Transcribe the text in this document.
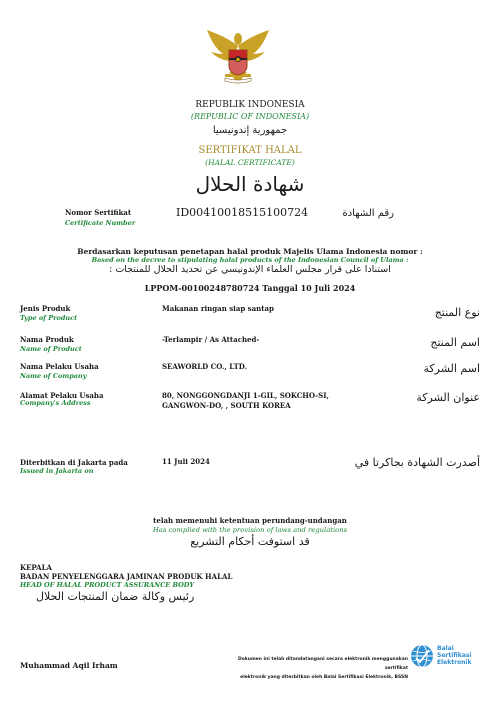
REPUBLIK INDONESIA
(REPUBLIC OF INDONESIA)
جمهورية إندونيسيا
SERTIFIKAT HALAL
(HALAL CERTIFICATE)
شهادة الحلال
Nomor Sertifikat
Certificate Number
ID00410018515100724	رقم الشهادة
Berdasarkan keputusan penetapan halal produk Majelis Ulama Indonesia nomor :
Based on the decree to stipulating halal products of the Indonesian Council of Ulama :
استنادا على قرار مجلس العلماء الإندونيسي عن تحديد الحلال للمنتجات :
LPPOM-00100248780724 Tanggal 10 Juli 2024
Jenis Produk
Type of Product
Makanan ringan siap santap	نوع المنتج
Nama Produk
Name of Product
-Terlampir / As Attached-	اسم المنتج
Nama Pelaku Usaha
Name of Company
SEAWORLD CO., LTD.	اسم الشركة
Alamat Pelaku Usaha
Company's Address
80, NONGGONGDANJI 1-GIL, SOKCHO-SI,
GANGWON-DO, , SOUTH KOREA
عنوان الشركة
Diterbitkan di Jakarta pada
Issued in Jakarta on
11 Juli 2024	أصدرت الشهادة بجاكرتا في
telah memenuhi ketentuan perundang-undangan
Has complied with the provision of laws and regulations
قد استوفت أحكام التشريع
KEPALA
BADAN PENYELENGGARA JAMINAN PRODUK HALAL
HEAD OF HALAL PRODUCT ASSURANCE BODY
رئيس وكالة ضمان المنتجات الحلال
Muhammad Aqil Irham
Dokumen ini telah ditandatangani secara elektronik menggunakan sertifikat
elektronik yang diterbitkan oleh Balai Sertifikasi Elektronik, BSSN
Balai
Sertifikasi
Elektronik
